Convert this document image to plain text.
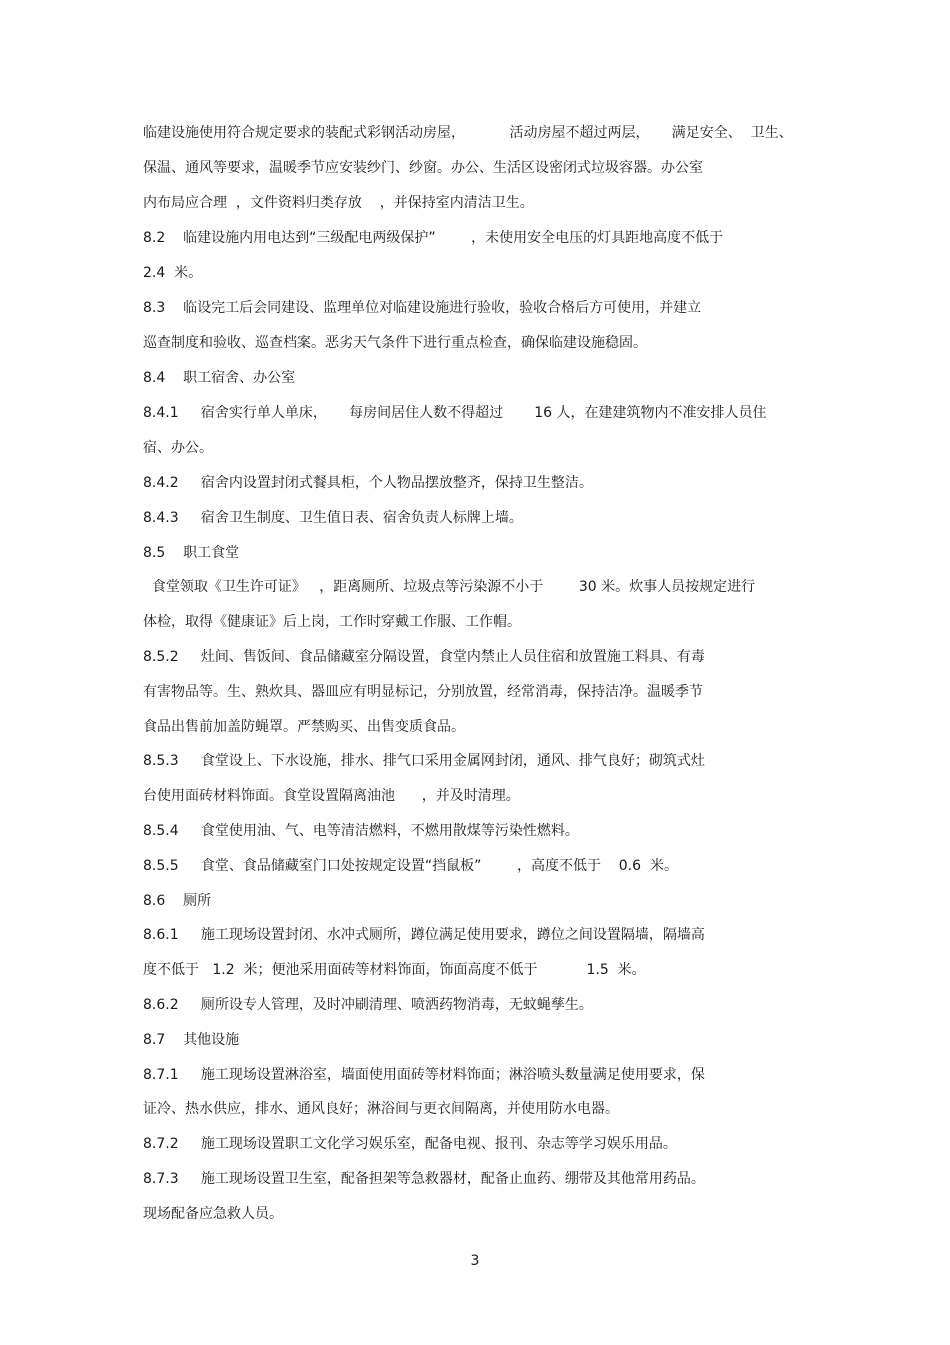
临建设施使用符合规定要求的装配式彩钢活动房屋，          活动房屋不超过两层，     满足安全、  卫生、
保温、通风等要求，温暖季节应安装纱门、纱窗。办公、生活区设密闭式垃圾容器。办公室
内布局应合理  ，文件资料归类存放    ，并保持室内清洁卫生。
8.2    临建设施内用电达到“三级配电两级保护”        ，未使用安全电压的灯具距地高度不低于
2.4  米。
8.3    临设完工后会同建设、监理单位对临建设施进行验收，验收合格后方可使用，并建立
巡查制度和验收、巡查档案。恶劣天气条件下进行重点检查，确保临建设施稳固。
8.4    职工宿舍、办公室
8.4.1     宿舍实行单人单床，     每房间居住人数不得超过       16 人，在建建筑物内不准安排人员住
宿、办公。
8.4.2     宿舍内设置封闭式餐具柜，个人物品摆放整齐，保持卫生整洁。
8.4.3     宿舍卫生制度、卫生值日表、宿舍负责人标牌上墙。
8.5    职工食堂
食堂领取《卫生许可证》   ，距离厕所、垃圾点等污染源不小于        30 米。炊事人员按规定进行
体检，取得《健康证》后上岗，工作时穿戴工作服、工作帽。
8.5.2     灶间、售饭间、食品储藏室分隔设置，食堂内禁止人员住宿和放置施工料具、有毒
有害物品等。生、熟炊具、器皿应有明显标记，分别放置，经常消毒，保持洁净。温暖季节
食品出售前加盖防蝇罩。严禁购买、出售变质食品。
8.5.3     食堂设上、下水设施，排水、排气口采用金属网封闭，通风、排气良好；砌筑式灶
台使用面砖材料饰面。食堂设置隔离油池      ，并及时清理。
8.5.4     食堂使用油、气、电等清洁燃料，不燃用散煤等污染性燃料。
8.5.5     食堂、食品储藏室门口处按规定设置“挡鼠板”        ，高度不低于    0.6  米。
8.6    厕所
8.6.1     施工现场设置封闭、水冲式厕所，蹲位满足使用要求，蹲位之间设置隔墙，隔墙高
度不低于   1.2  米；便池采用面砖等材料饰面，饰面高度不低于           1.5  米。
8.6.2     厕所设专人管理，及时冲刷清理、喷洒药物消毒，无蚊蝇孳生。
8.7    其他设施
8.7.1     施工现场设置淋浴室，墙面使用面砖等材料饰面；淋浴喷头数量满足使用要求，保
证冷、热水供应，排水、通风良好；淋浴间与更衣间隔离，并使用防水电器。
8.7.2     施工现场设置职工文化学习娱乐室，配备电视、报刊、杂志等学习娱乐用品。
8.7.3     施工现场设置卫生室，配备担架等急救器材，配备止血药、绷带及其他常用药品。
现场配备应急救人员。
3
